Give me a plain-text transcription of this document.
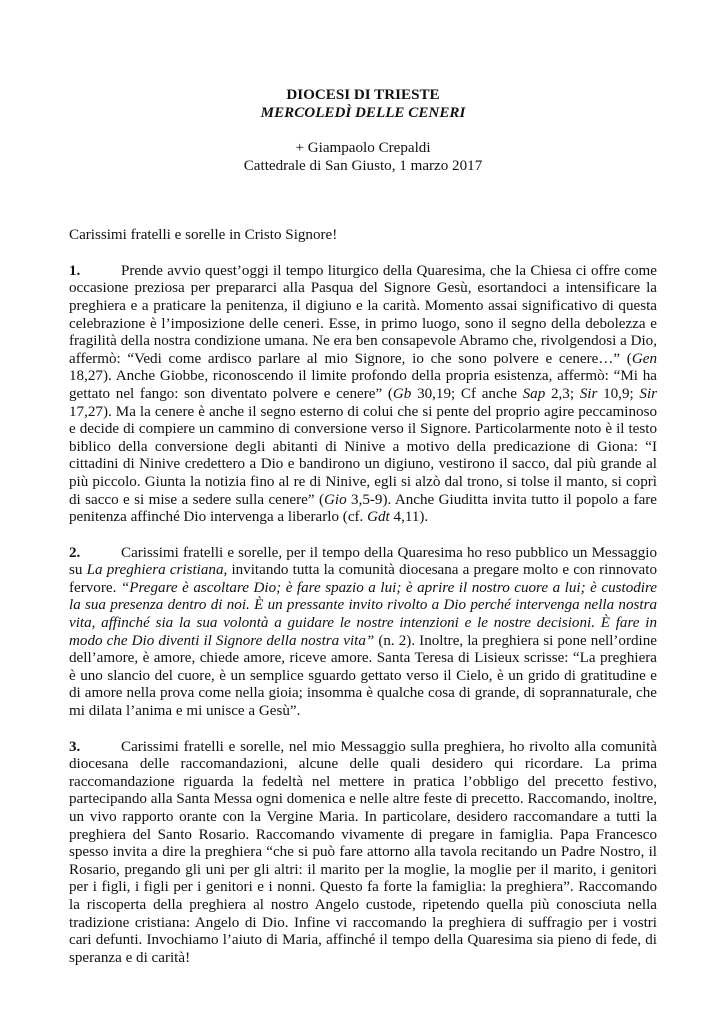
DIOCESI DI TRIESTE
MERCOLEDÌ DELLE CENERI
+ Giampaolo Crepaldi
Cattedrale di San Giusto, 1 marzo 2017
Carissimi fratelli e sorelle in Cristo Signore!
1.	Prende avvio quest’oggi il tempo liturgico della Quaresima, che la Chiesa ci offre come occasione preziosa per prepararci alla Pasqua del Signore Gesù, esortandoci a intensificare la preghiera e a praticare la penitenza, il digiuno e la carità. Momento assai significativo di questa celebrazione è l’imposizione delle ceneri. Esse, in primo luogo, sono il segno della debolezza e fragilità della nostra condizione umana. Ne era ben consapevole Abramo che, rivolgendosi a Dio, affermò: “Vedi come ardisco parlare al mio Signore, io che sono polvere e cenere…” (Gen 18,27). Anche Giobbe, riconoscendo il limite profondo della propria esistenza, affermò: “Mi ha gettato nel fango: son diventato polvere e cenere” (Gb 30,19; Cf anche Sap 2,3; Sir 10,9; Sir 17,27). Ma la cenere è anche il segno esterno di colui che si pente del proprio agire peccaminoso e decide di compiere un cammino di conversione verso il Signore. Particolarmente noto è il testo biblico della conversione degli abitanti di Ninive a motivo della predicazione di Giona: “I cittadini di Ninive credettero a Dio e bandirono un digiuno, vestirono il sacco, dal più grande al più piccolo. Giunta la notizia fino al re di Ninive, egli si alzò dal trono, si tolse il manto, si coprì di sacco e si mise a sedere sulla cenere” (Gio 3,5-9). Anche Giuditta invita tutto il popolo a fare penitenza affinché Dio intervenga a liberarlo (cf. Gdt 4,11).
2.	Carissimi fratelli e sorelle, per il tempo della Quaresima ho reso pubblico un Messaggio su La preghiera cristiana, invitando tutta la comunità diocesana a pregare molto e con rinnovato fervore. “Pregare è ascoltare Dio; è fare spazio a lui; è aprire il nostro cuore a lui; è custodire la sua presenza dentro di noi. È un pressante invito rivolto a Dio perché intervenga nella nostra vita, affinché sia la sua volontà a guidare le nostre intenzioni e le nostre decisioni. È fare in modo che Dio diventi il Signore della nostra vita” (n. 2). Inoltre, la preghiera si pone nell’ordine dell’amore, è amore, chiede amore, riceve amore. Santa Teresa di Lisieux scrisse: “La preghiera è uno slancio del cuore, è un semplice sguardo gettato verso il Cielo, è un grido di gratitudine e di amore nella prova come nella gioia; insomma è qualche cosa di grande, di soprannaturale, che mi dilata l’anima e mi unisce a Gesù”.
3.	Carissimi fratelli e sorelle, nel mio Messaggio sulla preghiera, ho rivolto alla comunità diocesana delle raccomandazioni, alcune delle quali desidero qui ricordare. La prima raccomandazione riguarda la fedeltà nel mettere in pratica l’obbligo del precetto festivo, partecipando alla Santa Messa ogni domenica e nelle altre feste di precetto. Raccomando, inoltre, un vivo rapporto orante con la Vergine Maria. In particolare, desidero raccomandare a tutti la preghiera del Santo Rosario. Raccomando vivamente di pregare in famiglia. Papa Francesco spesso invita a dire la preghiera “che si può fare attorno alla tavola recitando un Padre Nostro, il Rosario, pregando gli uni per gli altri: il marito per la moglie, la moglie per il marito, i genitori per i figli, i figli per i genitori e i nonni. Questo fa forte la famiglia: la preghiera”. Raccomando la riscoperta della preghiera al nostro Angelo custode, ripetendo quella più conosciuta nella tradizione cristiana: Angelo di Dio. Infine vi raccomando la preghiera di suffragio per i vostri cari defunti. Invochiamo l’aiuto di Maria, affinché il tempo della Quaresima sia pieno di fede, di speranza e di carità!
